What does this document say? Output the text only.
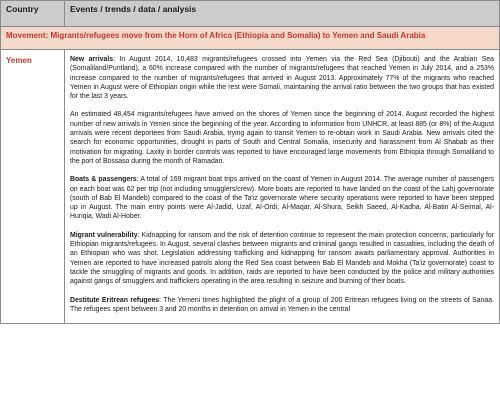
Country	Events / trends / data / analysis
Movement: Migrants/refugees move from the Horn of Africa (Ethiopia and Somalia) to Yemen and Saudi Arabia	
Yemen	New arrivals: In August 2014, 10,483 migrants/refugees crossed into Yemen via the Red Sea (Djibouti) and the Arabian Sea (Somaliland/Puntland), a 60% increase compared with the number of migrants/refugees that reached Yemen in July 2014, and a 253% increase compared to the number of migrants/refugees that arrived in August 2013. Approximately 77% of the migrants who reached Yemen in August were of Ethiopian origin while the rest were Somali, maintaining the arrival ratio between the two groups that has existed for the last 3 years.

An estimated 48,454 migrants/refugees have arrived on the shores of Yemen since the beginning of 2014. August recorded the highest number of new arrivals in Yemen since the beginning of the year. According to information from UNHCR, at least 885 (or 8%) of the August arrivals were recent deportees from Saudi Arabia, trying again to transit Yemen to re-obtain work in Saudi Arabia. New arrivals cited the search for economic opportunities, drought in parts of South and Central Somalia, insecurity and harassment from Al Shabab as their motivation for migrating. Laxity in border controls was reported to have encouraged large movements from Ethiopia through Somaliland to the port of Bossaso during the month of Ramadan.

Boats & passengers: A total of 169 migrant boat trips arrived on the coast of Yemen in August 2014. The average number of passengers on each boat was 62 per trip (not including smugglers/crew). More boats are reported to have landed on the coast of the Lahj governorate (south of Bab El Mandeb) compared to the coast of the Ta'iz governorate where security operations were reported to have been stepped up in August. The main entry points were Al-Jadid, Uzaf, Al-Ordi, Al-Maqar, Al-Shura, Seikh Saeed, Al-Kadha, Al-Batin Al-Seimal, Al-Huriqia, Wadi Al-Hober.

Migrant vulnerability: Kidnapping for ransom and the risk of detention continue to represent the main protection concerns, particularly for Ethiopian migrants/refugees. In August, several clashes between migrants and criminal gangs resulted in casualties, including the death of an Ethiopian who was shot. Legislation addressing trafficking and kidnapping for ransom awaits parliamentary approval. Authorities in Yemen are reported to have increased patrols along the Red Sea coast between Bab El Mandeb and Mokha (Ta'iz governorate) coast to tackle the smuggling of migrants and goods. In addition, raids are reported to have been conducted by the police and military authorities against gangs of smugglers and traffickers operating in the area resulting in seizure and burning of their boats.

Destitute Eritrean refugees: The Yemeni times highlighted the plight of a group of 200 Eritrean refugees living on the streets of Sanaa. The refugees spent between 3 and 20 months in detention on arrival in Yemen in the central
